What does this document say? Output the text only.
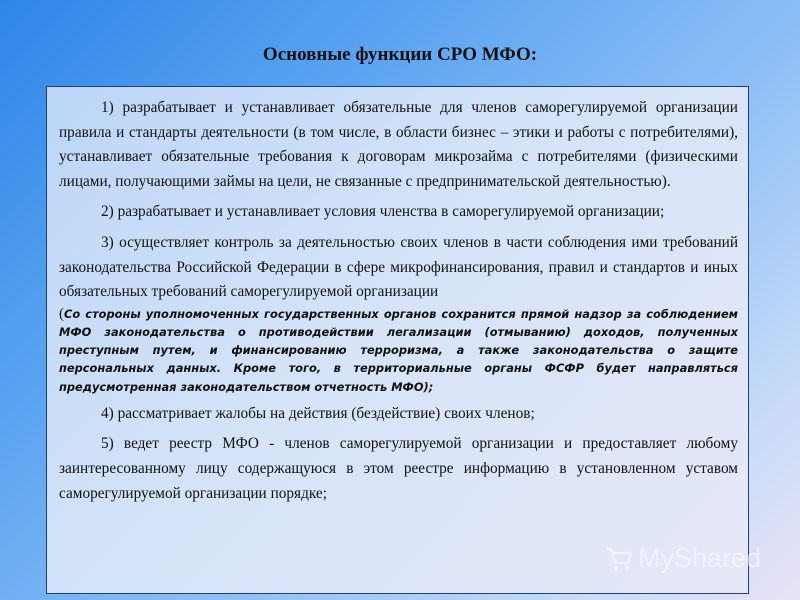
Основные функции СРО МФО:

1) разрабатывает и устанавливает обязательные для членов саморегулируемой организации правила и стандарты деятельности (в том числе, в области бизнес – этики и работы с потребителями), устанавливает обязательные требования к договорам микрозайма с потребителями (физическими лицами, получающими займы на цели, не связанные с предпринимательской деятельностью).

2) разрабатывает и устанавливает условия членства в саморегулируемой организации;

3) осуществляет контроль за деятельностью своих членов в части соблюдения ими требований законодательства Российской Федерации в сфере микрофинансирования, правил и стандартов и иных обязательных требований саморегулируемой организации

(Со стороны уполномоченных государственных органов сохранится прямой надзор за соблюдением МФО законодательства о противодействии легализации (отмыванию) доходов, полученных преступным путем, и финансированию терроризма, а также законодательства о защите персональных данных. Кроме того, в территориальные органы ФСФР будет направляться предусмотренная законодательством отчетность МФО);

4) рассматривает жалобы на действия (бездействие) своих членов;

5) ведет реестр МФО - членов саморегулируемой организации и предоставляет любому заинтересованному лицу содержащуюся в этом реестре информацию в установленном уставом саморегулируемой организации порядке;

MyShared
